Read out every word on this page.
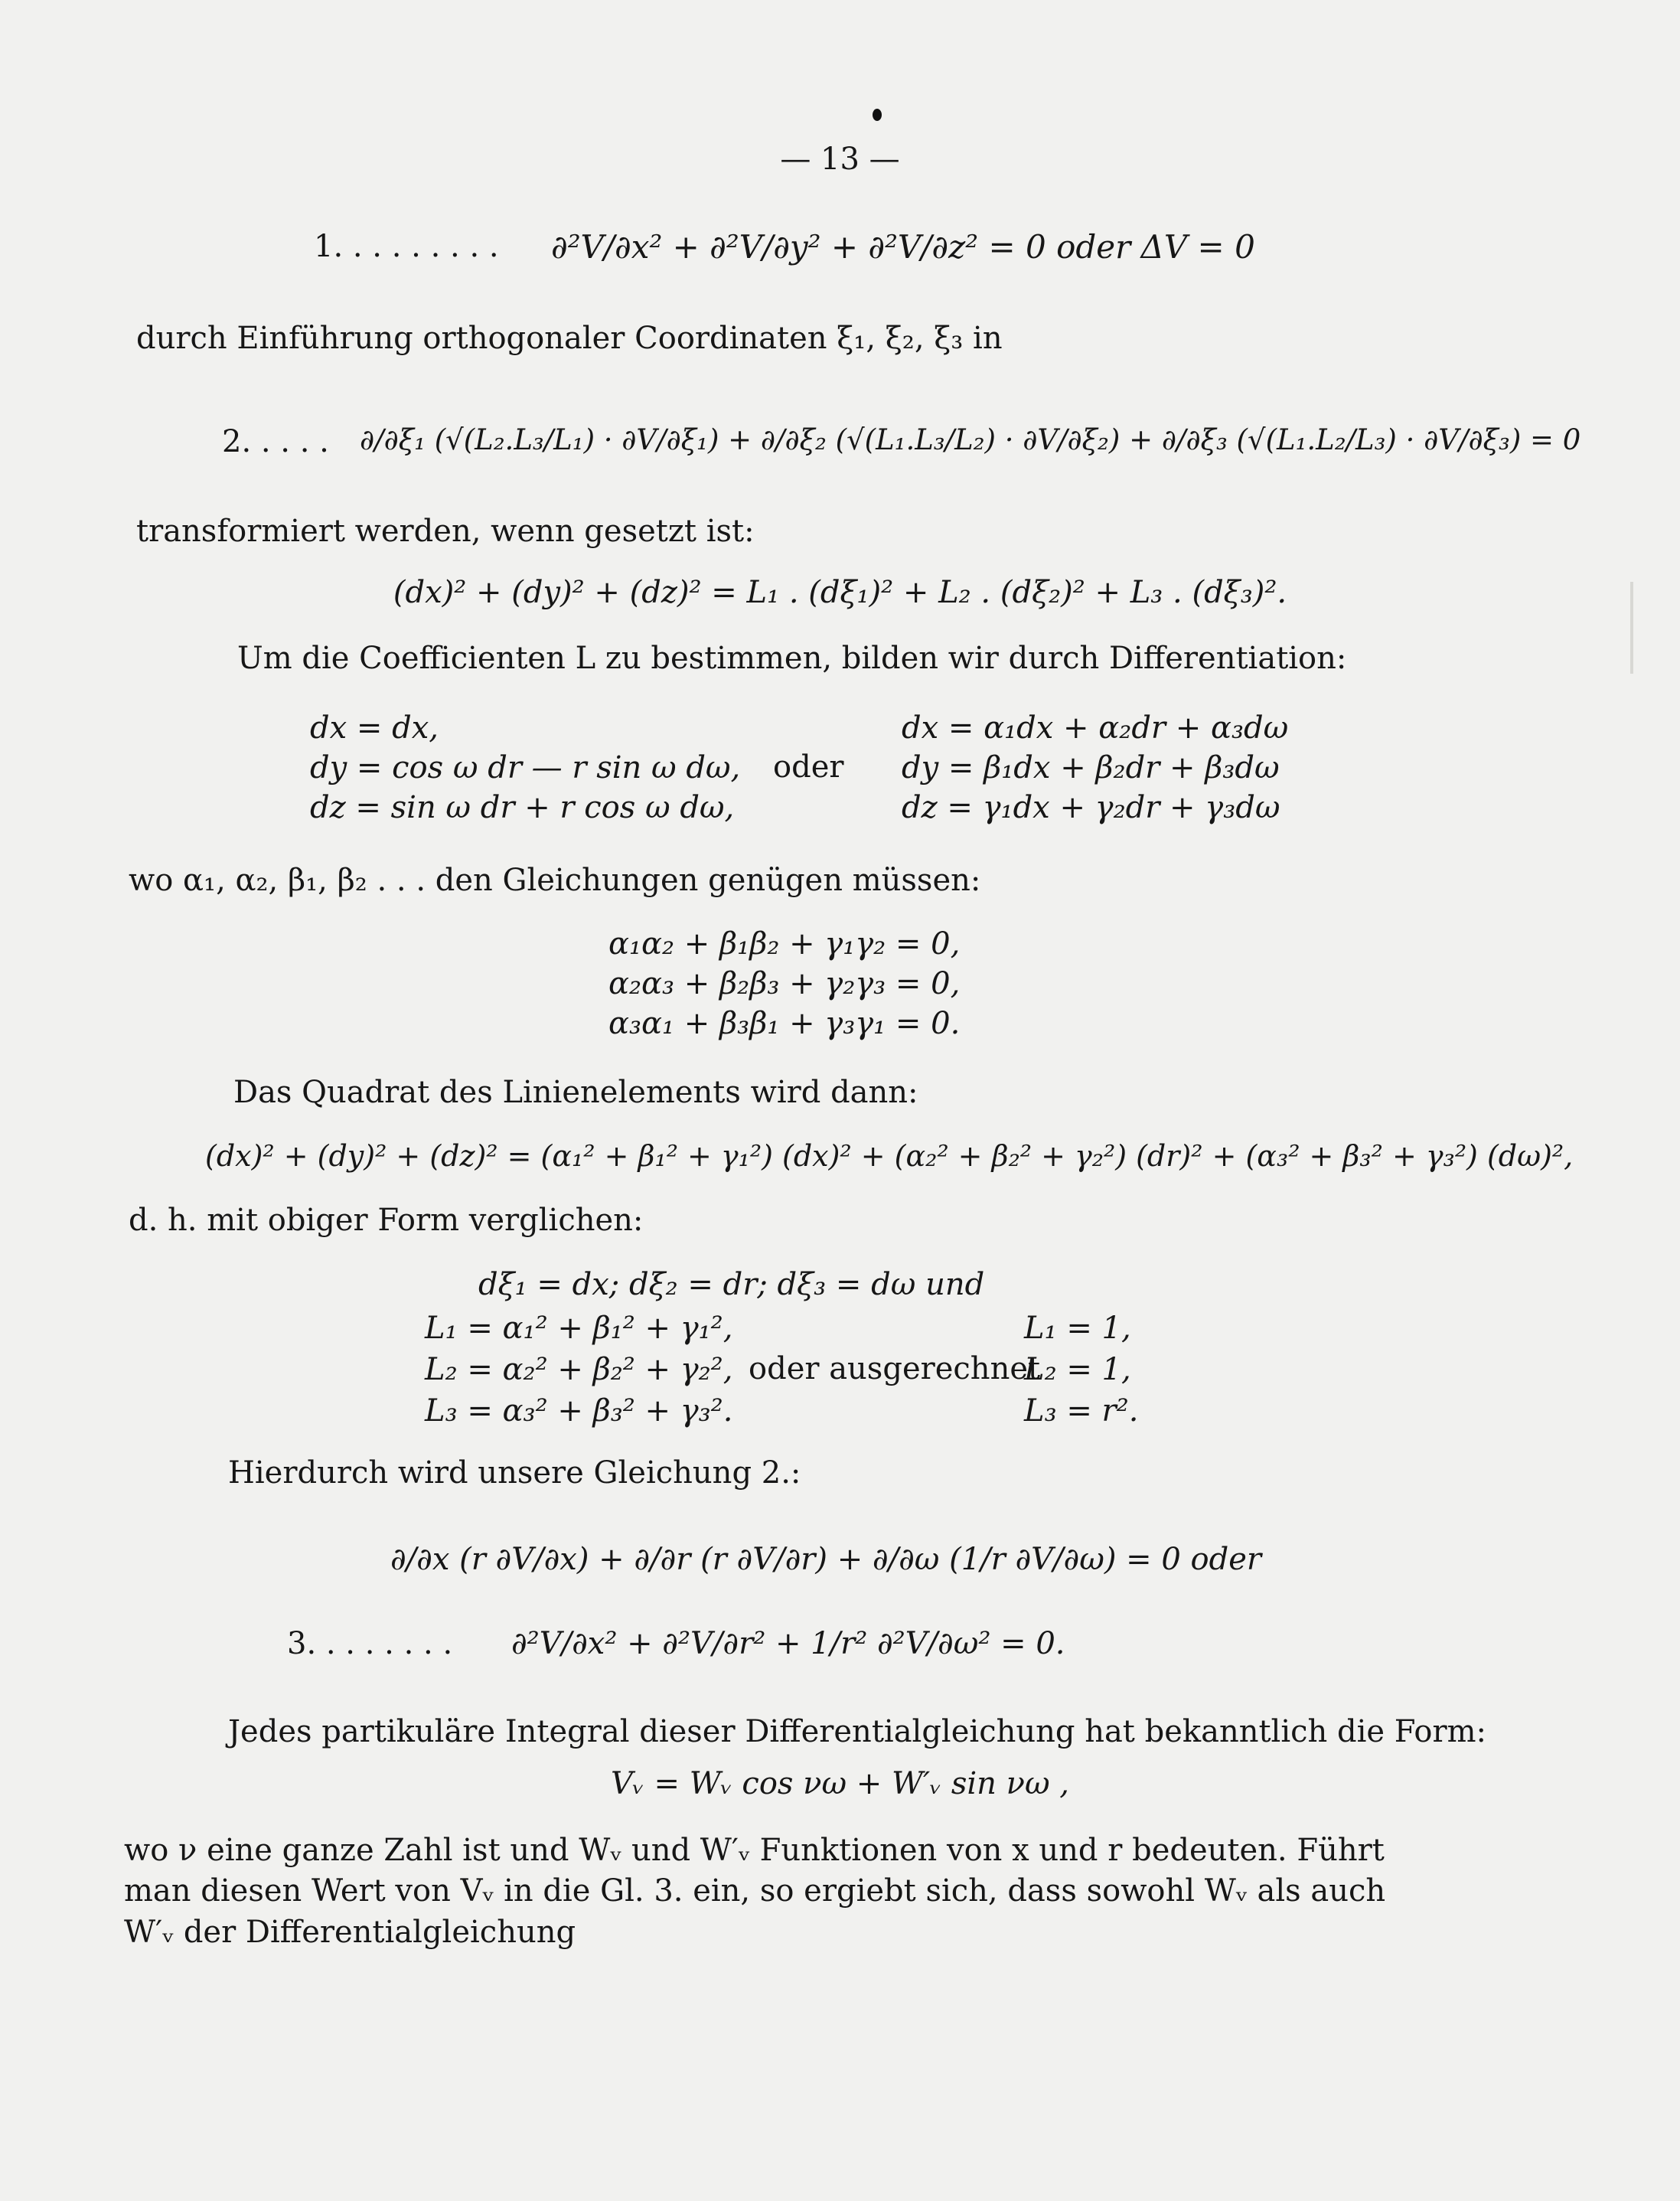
— 13 —
1. . . . . . . . . ∂²V/∂x² + ∂²V/∂y² + ∂²V/∂z² = 0 oder ΔV = 0
durch Einführung orthogonaler Coordinaten ξ₁, ξ₂, ξ₃ in
2. . . . . ∂/∂ξ₁ (√(L₂.L₃/L₁) · ∂V/∂ξ₁) + ∂/∂ξ₂ (√(L₁.L₃/L₂) · ∂V/∂ξ₂) + ∂/∂ξ₃ (√(L₁.L₂/L₃) · ∂V/∂ξ₃) = 0
transformiert werden, wenn gesetzt ist:
(dx)² + (dy)² + (dz)² = L₁ . (dξ₁)² + L₂ . (dξ₂)² + L₃ . (dξ₃)².
Um die Coefficienten L zu bestimmen, bilden wir durch Differentiation:
dx = dx,
dy = cos ω dr — r sin ω dω,
dz = sin ω dr + r cos ω dω,
oder
dx = α₁dx + α₂dr + α₃dω
dy = β₁dx + β₂dr + β₃dω
dz = γ₁dx + γ₂dr + γ₃dω
wo α₁, α₂, β₁, β₂ . . . den Gleichungen genügen müssen:
α₁α₂ + β₁β₂ + γ₁γ₂ = 0,
α₂α₃ + β₂β₃ + γ₂γ₃ = 0,
α₃α₁ + β₃β₁ + γ₃γ₁ = 0.
Das Quadrat des Linienelements wird dann:
(dx)² + (dy)² + (dz)² = (α₁² + β₁² + γ₁²) (dx)² + (α₂² + β₂² + γ₂²) (dr)² + (α₃² + β₃² + γ₃²) (dω)²,
d. h. mit obiger Form verglichen:
dξ₁ = dx; dξ₂ = dr; dξ₃ = dω und
L₁ = α₁² + β₁² + γ₁²,
L₂ = α₂² + β₂² + γ₂²,
L₃ = α₃² + β₃² + γ₃².
oder ausgerechnet
L₁ = 1,
L₂ = 1,
L₃ = r².
Hierdurch wird unsere Gleichung 2.:
∂/∂x (r ∂V/∂x) + ∂/∂r (r ∂V/∂r) + ∂/∂ω (1/r ∂V/∂ω) = 0 oder
3. . . . . . . . ∂²V/∂x² + ∂²V/∂r² + 1/r² ∂²V/∂ω² = 0.
Jedes partikuläre Integral dieser Differentialgleichung hat bekanntlich die Form:
Vᵥ = Wᵥ cos νω + W′ᵥ sin νω ,
wo ν eine ganze Zahl ist und Wᵥ und W′ᵥ Funktionen von x und r bedeuten. Führt
man diesen Wert von Vᵥ in die Gl. 3. ein, so ergiebt sich, dass sowohl Wᵥ als auch
W′ᵥ der Differentialgleichung
